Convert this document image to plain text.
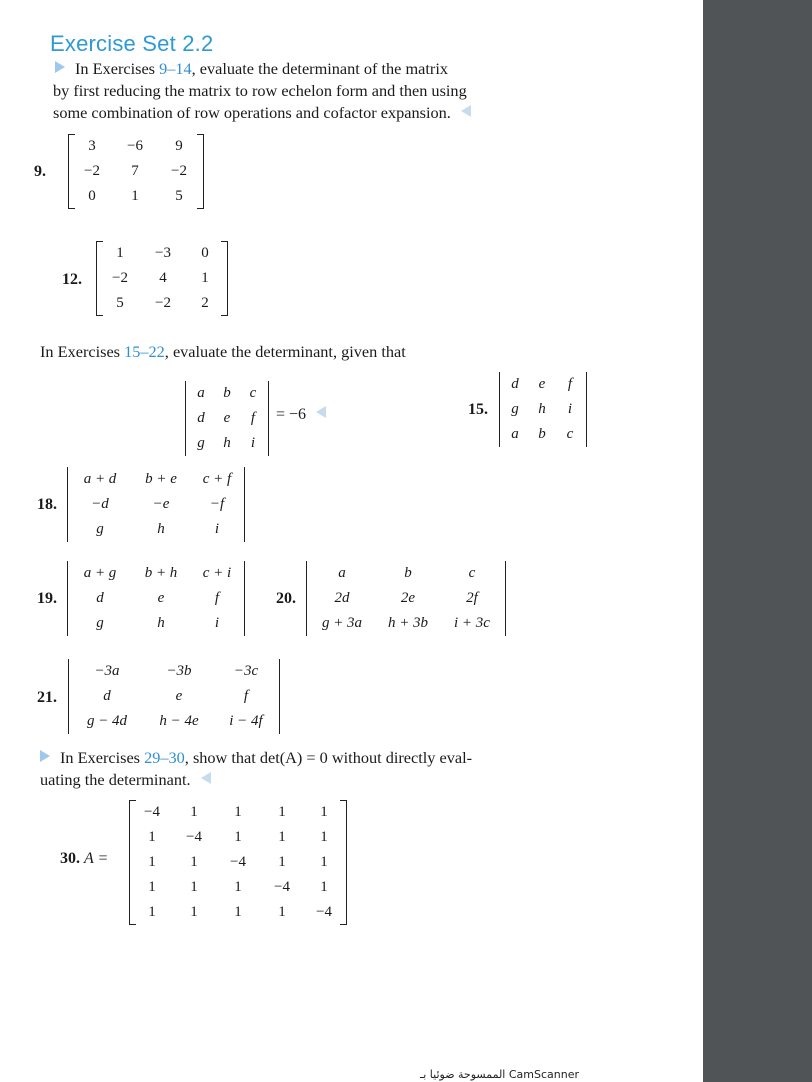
Exercise Set 2.2
In Exercises 9–14, evaluate the determinant of the matrix
by first reducing the matrix to row echelon form and then using
some combination of row operations and cofactor expansion.
9.
3	−6	9
−2	7	−2
0	1	5
12.
1	−3	0
−2	4	1
5	−2	2
In Exercises 15–22, evaluate the determinant, given that
a	b	c
d	e	f
g	h	i
= −6	15.
d	e	f
g	h	i
a	b	c
18.
a + d	b + e	c + f
−d	−e	−f
g	h	i
19.
a + g	b + h	c + i
d	e	f
g	h	i
20.
a	b	c
2d	2e	2f
g + 3a	h + 3b	i + 3c
21.
−3a	−3b	−3c
d	e	f
g − 4d	h − 4e	i − 4f
In Exercises 29–30, show that det(A) = 0 without directly eval-
uating the determinant.
30. A =
−4	1	1	1	1
1	−4	1	1	1
1	1	−4	1	1
1	1	1	−4	1
1	1	1	1	−4
الممسوحة ضوئيا بـ CamScanner
